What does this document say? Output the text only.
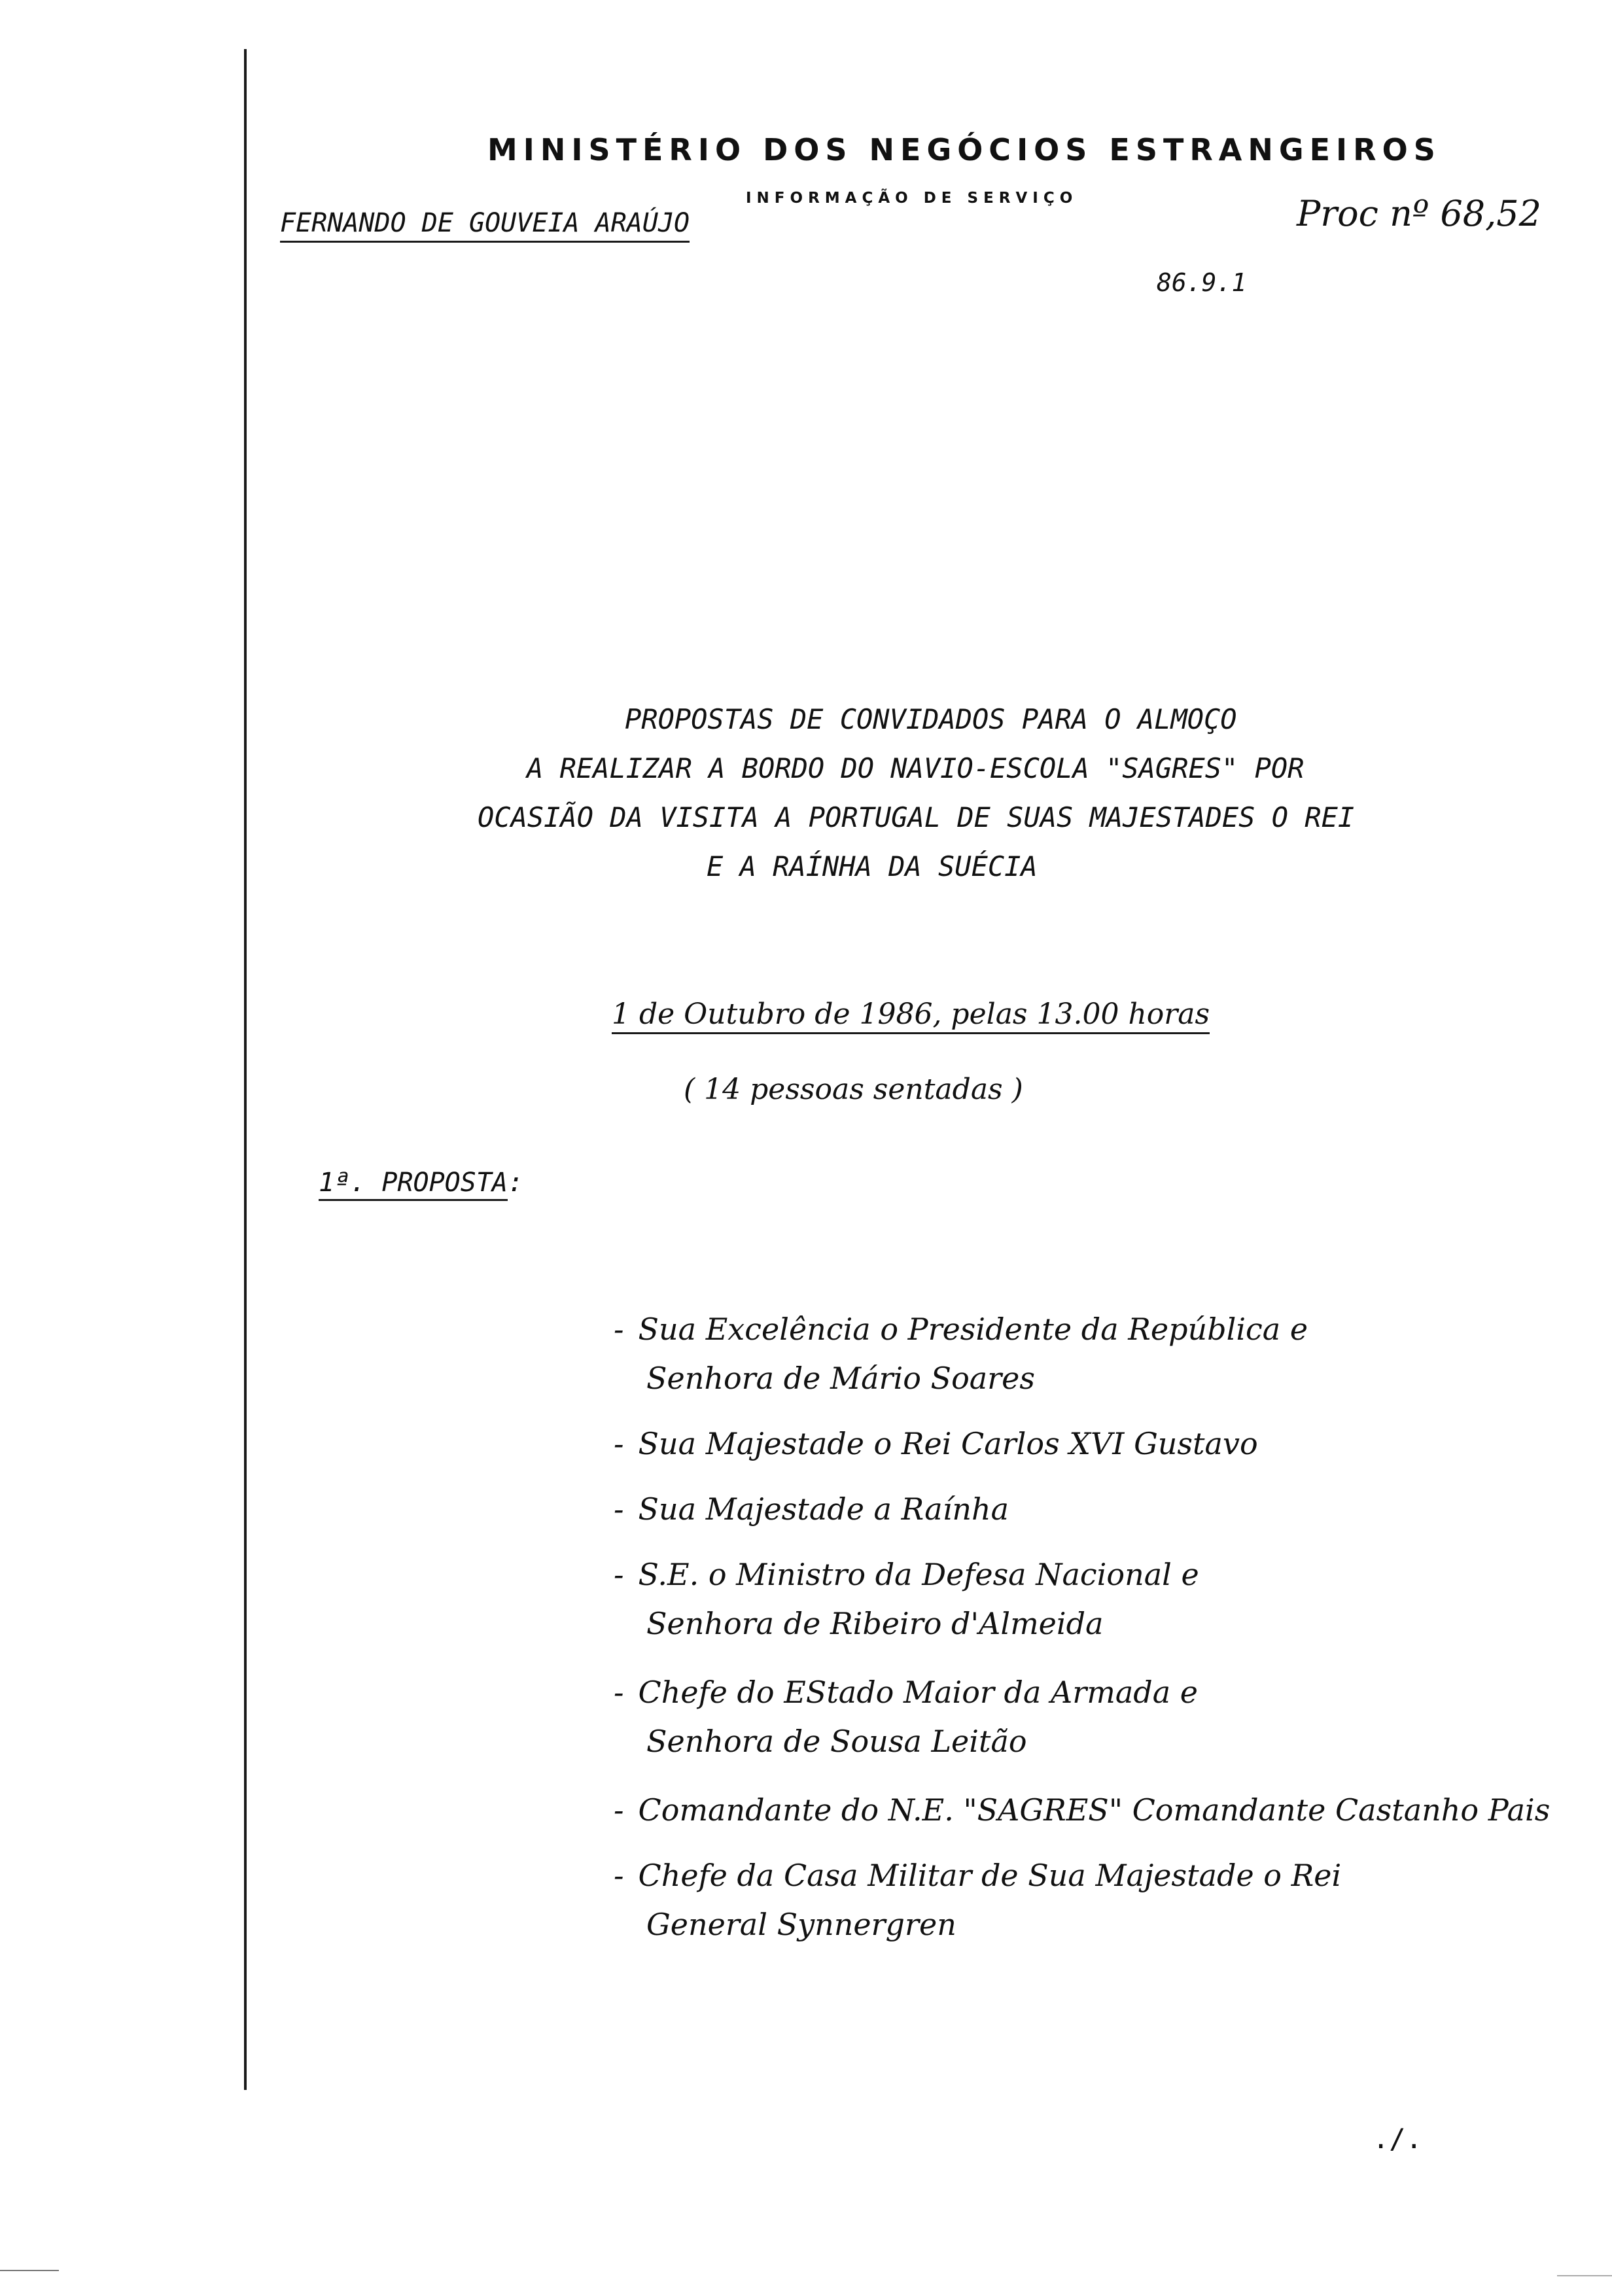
MINISTÉRIO DOS NEGÓCIOS ESTRANGEIROS
INFORMAÇÃO DE SERVIÇO
FERNANDO DE GOUVEIA ARAÚJO	Proc nº 68,52
86.9.1
PROPOSTAS DE CONVIDADOS PARA O ALMOÇO
A REALIZAR A BORDO DO NAVIO-ESCOLA "SAGRES" POR
OCASIÃO DA VISITA A PORTUGAL DE SUAS MAJESTADES O REI
E A RAÍNHA DA SUÉCIA
1 de Outubro de 1986, pelas 13.00 horas
( 14 pessoas sentadas )
1ª. PROPOSTA:
- Sua Excelência o Presidente da República e
Senhora de Mário Soares
- Sua Majestade o Rei Carlos XVI Gustavo
- Sua Majestade a Raínha
- S.E. o Ministro da Defesa Nacional e
Senhora de Ribeiro d'Almeida
- Chefe do EStado Maior da Armada e
Senhora de Sousa Leitão
- Comandante do N.E. "SAGRES" Comandante Castanho Pais
- Chefe da Casa Militar de Sua Majestade o Rei
General Synnergren
./.
